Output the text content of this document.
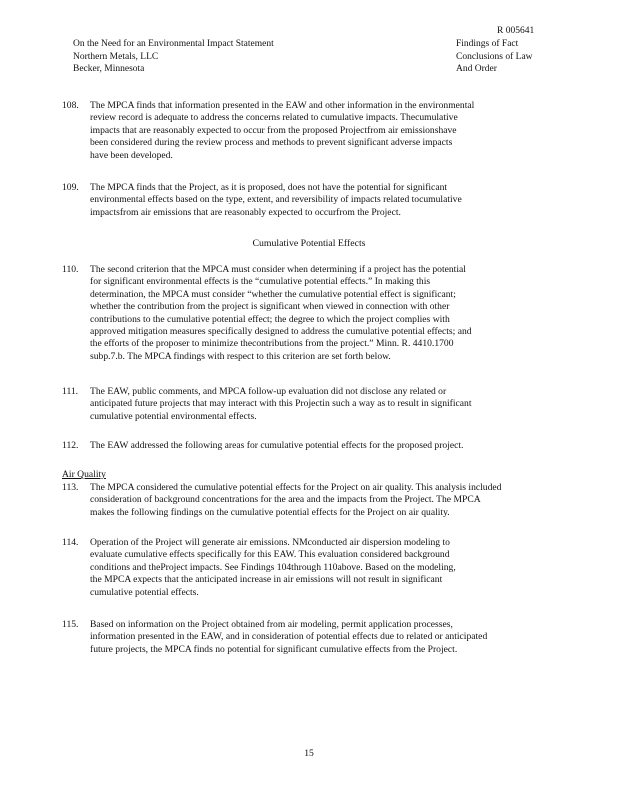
R 005641
On the Need for an Environmental Impact Statement
Northern Metals, LLC
Becker, Minnesota
Findings of Fact
Conclusions of Law
And Order
108. The MPCA finds that information presented in the EAW and other information in the environmental
review record is adequate to address the concerns related to cumulative impacts. Thecumulative
impacts that are reasonably expected to occur from the proposed Projectfrom air emissionshave
been considered during the review process and methods to prevent significant adverse impacts
have been developed.
109. The MPCA finds that the Project, as it is proposed, does not have the potential for significant
environmental effects based on the type, extent, and reversibility of impacts related tocumulative
impactsfrom air emissions that are reasonably expected to occurfrom the Project.
Cumulative Potential Effects
110. The second criterion that the MPCA must consider when determining if a project has the potential
for significant environmental effects is the “cumulative potential effects.” In making this
determination, the MPCA must consider “whether the cumulative potential effect is significant;
whether the contribution from the project is significant when viewed in connection with other
contributions to the cumulative potential effect; the degree to which the project complies with
approved mitigation measures specifically designed to address the cumulative potential effects; and
the efforts of the proposer to minimize thecontributions from the project.” Minn. R. 4410.1700
subp.7.b. The MPCA findings with respect to this criterion are set forth below.
111. The EAW, public comments, and MPCA follow-up evaluation did not disclose any related or
anticipated future projects that may interact with this Projectin such a way as to result in significant
cumulative potential environmental effects.
112. The EAW addressed the following areas for cumulative potential effects for the proposed project.
Air Quality
113. The MPCA considered the cumulative potential effects for the Project on air quality. This analysis included
consideration of background concentrations for the area and the impacts from the Project. The MPCA
makes the following findings on the cumulative potential effects for the Project on air quality.
114. Operation of the Project will generate air emissions. NMconducted air dispersion modeling to
evaluate cumulative effects specifically for this EAW. This evaluation considered background
conditions and theProject impacts. See Findings 104through 110above. Based on the modeling,
the MPCA expects that the anticipated increase in air emissions will not result in significant
cumulative potential effects.
115. Based on information on the Project obtained from air modeling, permit application processes,
information presented in the EAW, and in consideration of potential effects due to related or anticipated
future projects, the MPCA finds no potential for significant cumulative effects from the Project.
15
